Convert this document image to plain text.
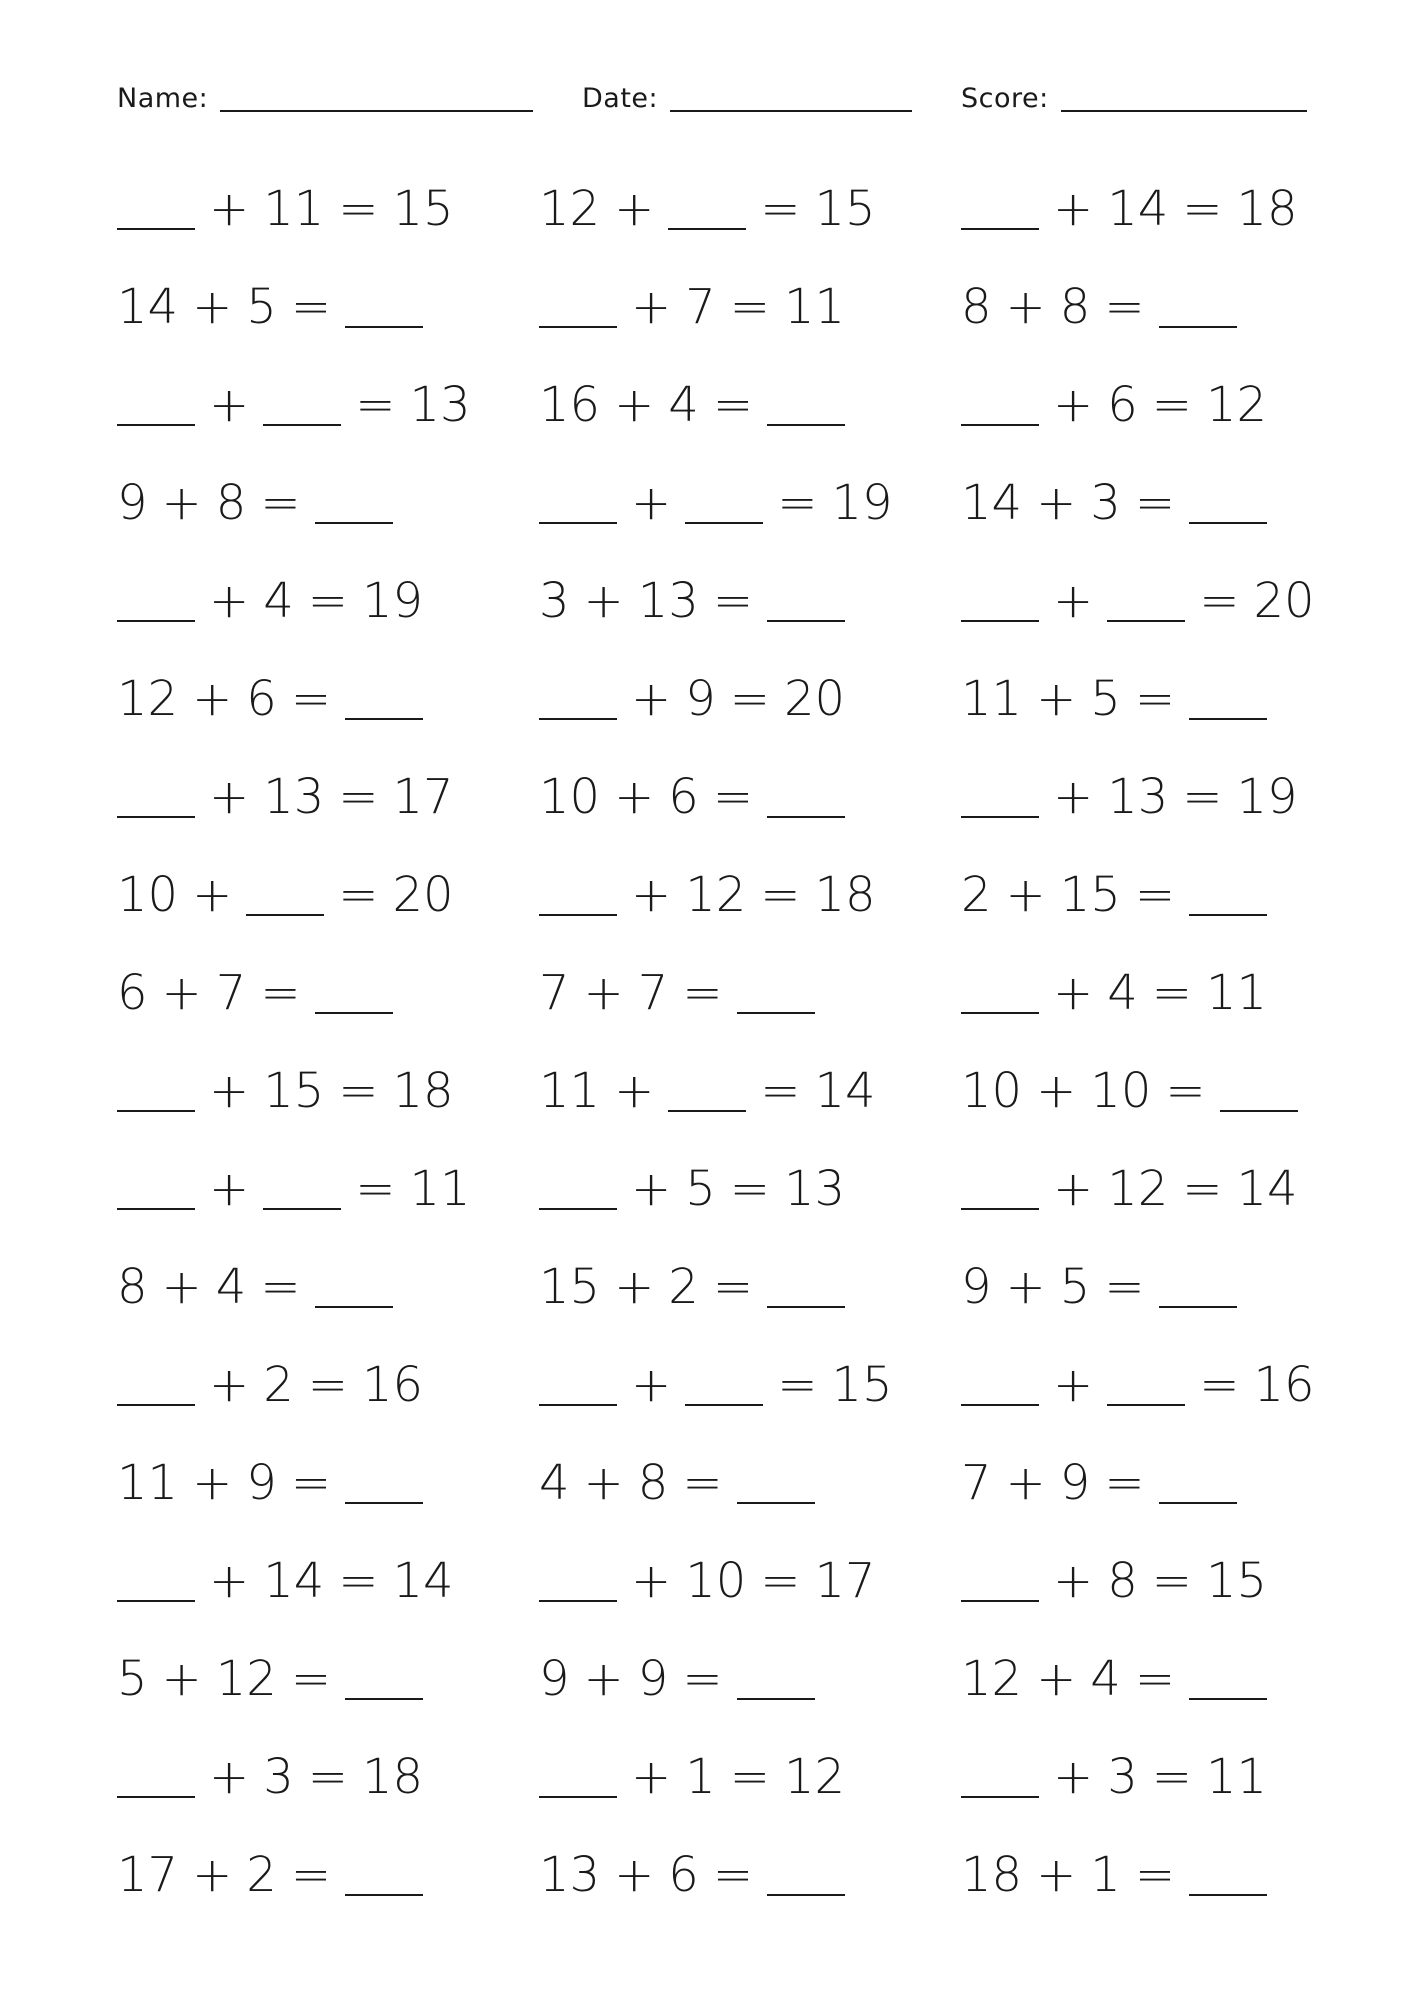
Name:	Date:	Score:
+ 11 = 15 12 + = 15	+ 14 = 18
14 + 5 =	+ 7 = 11 8 + 8 =
+ = 13 16 + 4 =	+ 6 = 12
9 + 8 =	+ = 19 14 + 3 =
+ 4 = 19 3 + 13 =	+ = 20
12 + 6 =	+ 9 = 20 11 + 5 =
+ 13 = 17 10 + 6 =	+ 13 = 19
10 + = 20	+ 12 = 18 2 + 15 =
6 + 7 =	7 + 7 =	+ 4 = 11
+ 15 = 18 11 + = 14 10 + 10 =
+ = 11	+ 5 = 13	+ 12 = 14
8 + 4 =	15 + 2 =	9 + 5 =
+ 2 = 16	+ = 15	+ = 16
11 + 9 =	4 + 8 =	7 + 9 =
+ 14 = 14	+ 10 = 17	+ 8 = 15
5 + 12 =	9 + 9 =	12 + 4 =
+ 3 = 18	+ 1 = 12	+ 3 = 11
17 + 2 =	13 + 6 =	18 + 1 =
